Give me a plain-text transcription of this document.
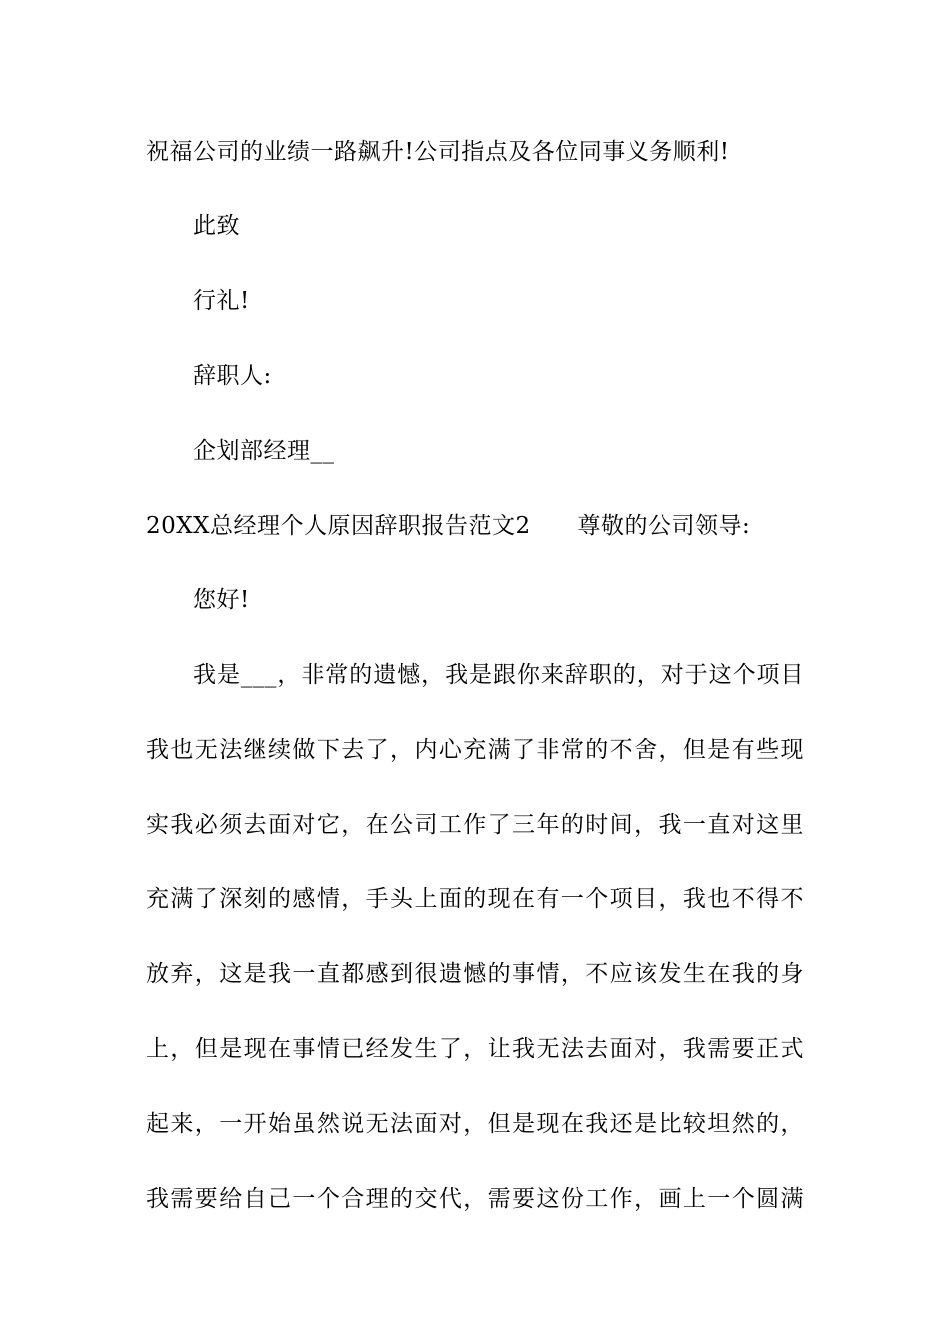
祝福公司的业绩一路飙升!公司指点及各位同事义务顺利!
此致
行礼!
辞职人:
企划部经理__
20XX总经理个人原因辞职报告范文2      尊敬的公司领导:
您好!
我是___，非常的遗憾，我是跟你来辞职的，对于这个项目
我也无法继续做下去了，内心充满了非常的不舍，但是有些现
实我必须去面对它，在公司工作了三年的时间，我一直对这里
充满了深刻的感情，手头上面的现在有一个项目，我也不得不
放弃，这是我一直都感到很遗憾的事情，不应该发生在我的身
上，但是现在事情已经发生了，让我无法去面对，我需要正式
起来，一开始虽然说无法面对，但是现在我还是比较坦然的，
我需要给自己一个合理的交代，需要这份工作，画上一个圆满
